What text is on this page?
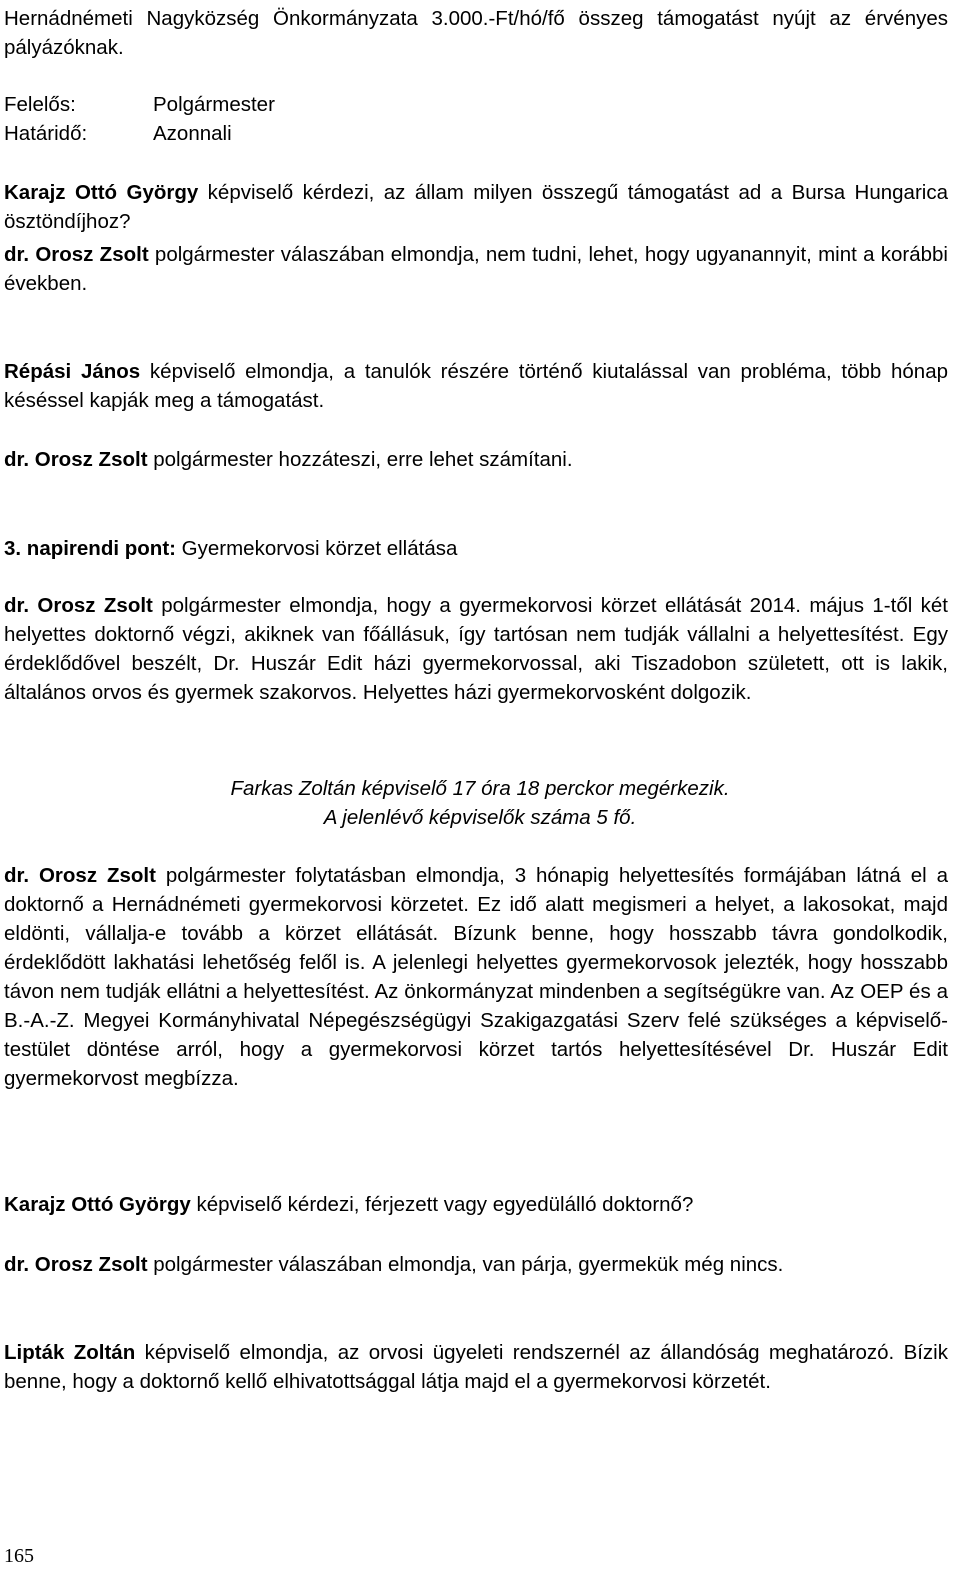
Hernádnémeti Nagyközség Önkormányzata 3.000.-Ft/hó/fő összeg támogatást nyújt az érvényes pályázóknak.

Felelős:	Polgármester

Határidő:	Azonnali

Karajz Ottó György képviselő kérdezi, az állam milyen összegű támogatást ad a Bursa Hungarica ösztöndíjhoz?

dr. Orosz Zsolt polgármester válaszában elmondja, nem tudni, lehet, hogy ugyanannyit, mint a korábbi években.

Répási János képviselő elmondja, a tanulók részére történő kiutalással van probléma, több hónap késéssel kapják meg a támogatást.

dr. Orosz Zsolt polgármester hozzáteszi, erre lehet számítani.

3. napirendi pont: Gyermekorvosi körzet ellátása

dr. Orosz Zsolt polgármester elmondja, hogy a gyermekorvosi körzet ellátását 2014. május 1-től két helyettes doktornő végzi, akiknek van főállásuk, így tartósan nem tudják vállalni a helyettesítést. Egy érdeklődővel beszélt, Dr. Huszár Edit házi gyermekorvossal, aki Tiszadobon született, ott is lakik, általános orvos és gyermek szakorvos. Helyettes házi gyermekorvosként dolgozik.

Farkas Zoltán képviselő 17 óra 18 perckor megérkezik.

A jelenlévő képviselők száma 5 fő.

dr. Orosz Zsolt polgármester folytatásban elmondja, 3 hónapig helyettesítés formájában látná el a doktornő a Hernádnémeti gyermekorvosi körzetet. Ez idő alatt megismeri a helyet, a lakosokat, majd eldönti, vállalja-e tovább a körzet ellátását. Bízunk benne, hogy hosszabb távra gondolkodik, érdeklődött lakhatási lehetőség felől is. A jelenlegi helyettes gyermekorvosok jelezték, hogy hosszabb távon nem tudják ellátni a helyettesítést. Az önkormányzat mindenben a segítségükre van. Az OEP és a B.-A.-Z. Megyei Kormányhivatal Népegészségügyi Szakigazgatási Szerv felé szükséges a képviselő-testület döntése arról, hogy a gyermekorvosi körzet tartós helyettesítésével Dr. Huszár Edit gyermekorvost megbízza.

Karajz Ottó György képviselő kérdezi, férjezett vagy egyedülálló doktornő?

dr. Orosz Zsolt polgármester válaszában elmondja, van párja, gyermekük még nincs.

Lipták Zoltán képviselő elmondja, az orvosi ügyeleti rendszernél az állandóság meghatározó. Bízik benne, hogy a doktornő kellő elhivatottsággal látja majd el a gyermekorvosi körzetét.

165
